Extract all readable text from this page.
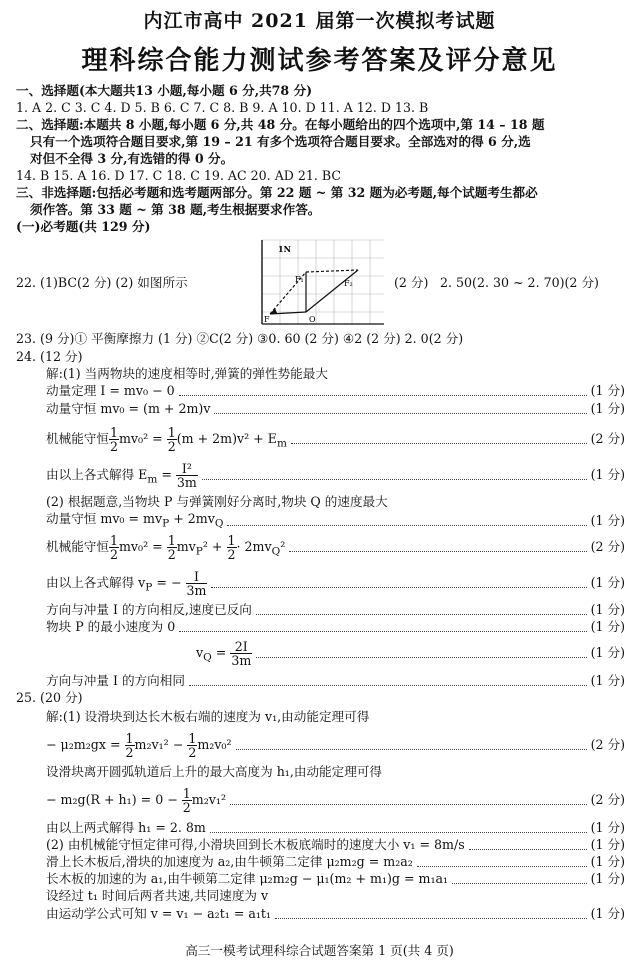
内江市高中 2021 届第一次模拟考试题
理科综合能力测试参考答案及评分意见
一、选择题(本大题共13 小题,每小题 6 分,共78 分)
1. A 2. C 3. C 4. D 5. B 6. C 7. C 8. B 9. A 10. D 11. A 12. D 13. B
二、选择题:本题共 8 小题,每小题 6 分,共 48 分。在每小题给出的四个选项中,第 14 – 18 题
只有一个选项符合题目要求,第 19 – 21 有多个选项符合题目要求。全部选对的得 6 分,选
对但不全得 3 分,有选错的得 0 分。
14. B 15. A 16. D 17. C 18. C 19. AC 20. AD 21. BC
三、非选择题:包括必考题和选考题两部分。第 22 题 ~ 第 32 题为必考题,每个试题考生都必
须作答。第 33 题 ~ 第 38 题,考生根据要求作答。
(一)必考题(共 129 分)
22. (1)BC(2 分) (2) 如图所示
1N
F₁	F₂
F	O
(2 分) 2. 50(2. 30 ~ 2. 70)(2 分)
23. (9 分)① 平衡摩擦力 (1 分) ②C(2 分) ③0. 60 (2 分) ④2 (2 分) 2. 0(2 分)
24. (12 分)
解:(1) 当两物块的速度相等时,弹簧的弹性势能最大
动量定理 I = mv₀ − 0	(1 分)
动量守恒 mv₀ = (m + 2m)v	(1 分)
机械能守恒 $\frac{1}{2} mv_0^2 = \frac{1}{2} (m + 2m)v^2 + E_m$	(2 分)
由以上各式解得 $E_m = \frac{\text{I²}}{3m}$	(1 分)
(2) 根据题意,当物块 P 与弹簧刚好分离时,物块 Q 的速度最大
动量守恒 $mv_0 = mv_P + 2mv_Q$	(1 分)
机械能守恒 $\frac{1}{2} mv_0^2 = \frac{1}{2} mv_P^2 + \frac{1}{2} \cdot 2mv_Q^2$	(2 分)
由以上各式解得 $v_P$ = − $\frac{I}{3m}$	(1 分)
方向与冲量 I 的方向相反,速度已反向	(1 分)
物块 P 的最小速度为 0	(1 分)
$v_Q = \frac{2I}{3m}$	(1 分)
方向与冲量 I 的方向相同	(1 分)
25. (20 分)
解:(1) 设滑块到达长木板右端的速度为 v₁,由动能定理可得
− $\mu_2m_2gx = \frac{1}{2} m_2v_1^2 - \frac{1}{2} m_2v_0^2$	(2 分)
设滑块离开圆弧轨道后上升的最大高度为 h₁,由动能定理可得
− $m_2g(R + h_1) = 0 - \frac{1}{2} m_2v_1^2$	(2 分)
由以上两式解得 h₁ = 2. 8m	(1 分)
(2) 由机械能守恒定律可得,小滑块回到长木板底端时的速度大小 v₁ = 8m/s	(1 分)
滑上长木板后,滑块的加速度为 a₂,由牛顿第二定律 μ₂m₂g = m₂a₂	(1 分)
长木板的加速的为 a₁,由牛顿第二定律 μ₂m₂g − μ₁(m₂ + m₁)g = m₁a₁	(1 分)
设经过 t₁ 时间后两者共速,共同速度为 v
由运动学公式可知 v = v₁ − a₂t₁ = a₁t₁	(1 分)
高三一模考试理科综合试题答案第 1 页(共 4 页)
